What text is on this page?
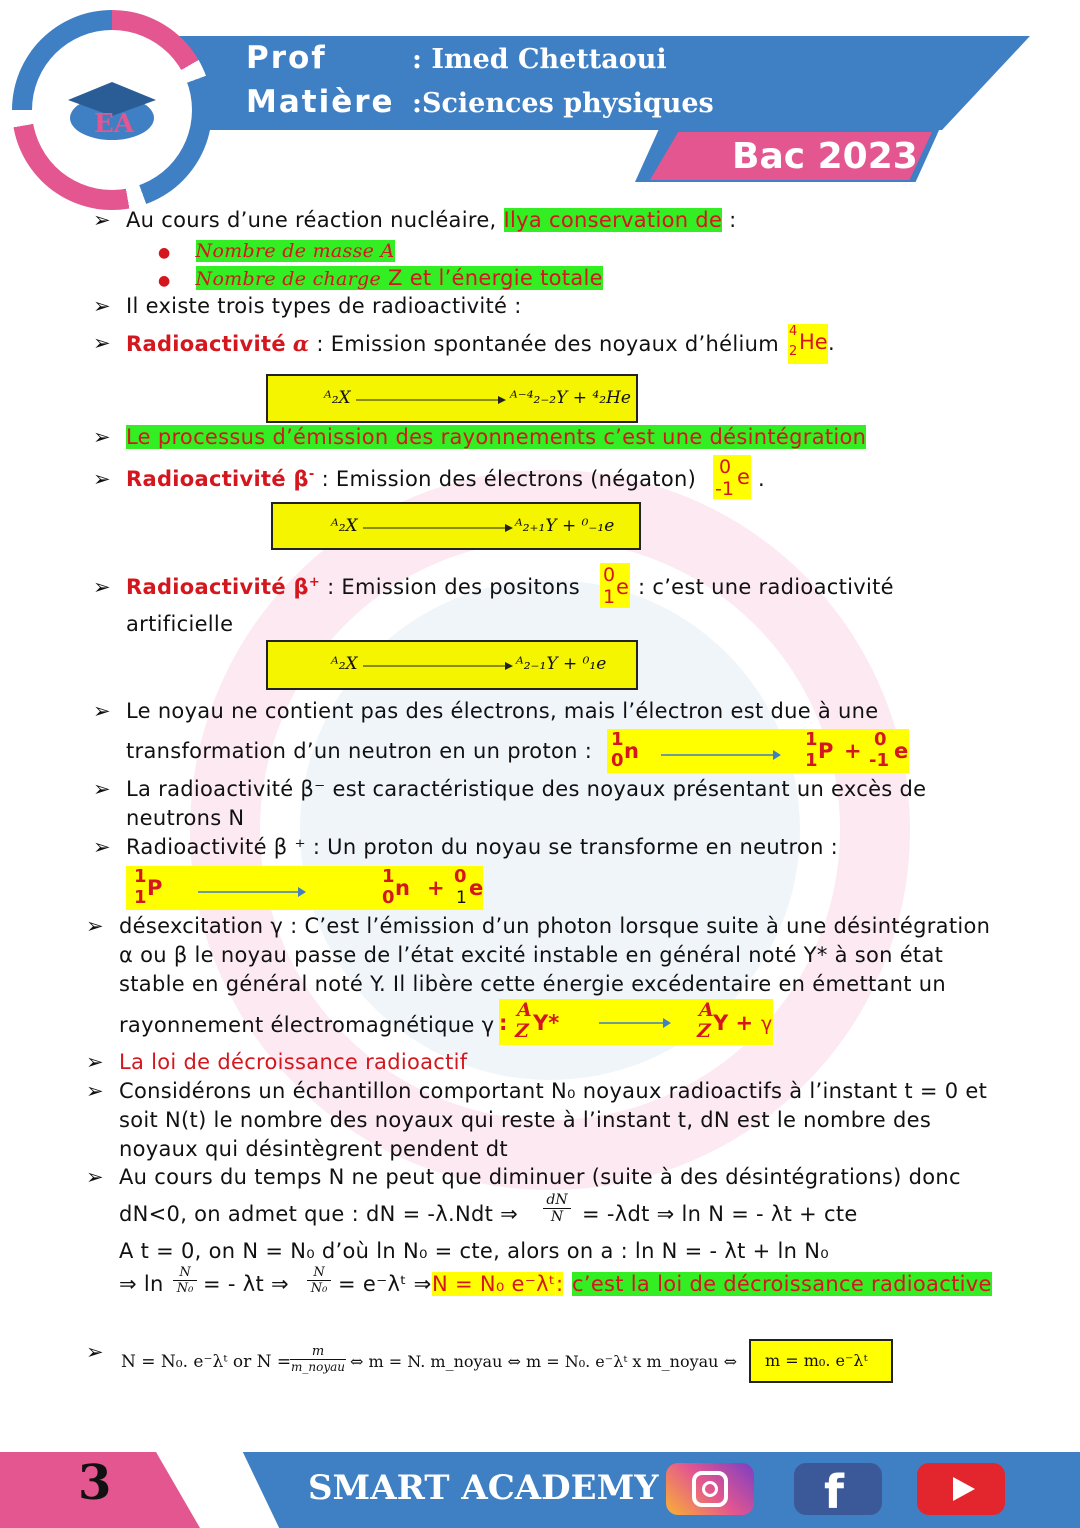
EA
Prof	: Imed Chettaoui
Matière :Sciences physiques
Bac 2023
➢
➢
➢
➢
➢
➢
➢
➢
➢
➢
➢
➢
➢
➢
Au cours d’une réaction nucléaire, Ilya conservation de :
● Nombre de masse A
● Nombre de charge Z et l’énergie totale
Il existe trois types de radioactivité :
Radioactivité α : Emission spontanée des noyaux d’hélium
4
2 He .
ᴬ₂X	ᴬ⁻⁴₂₋₂Y + ⁴₂He
Le processus d’émission des rayonnements c’est une désintégration
Radioactivité β- : Emission des électrons (négaton) 0
-1 e .
ᴬ₂X	ᴬ₂₊₁Y + ⁰₋₁e
Radioactivité β+ : Emission des positons 0
1 e : c’est une radioactivité
artificielle
ᴬ₂X	ᴬ₂₋₁Y + ⁰₁e
Le noyau ne contient pas des électrons, mais l’électron est due à une
transformation d’un neutron en un proton : 1
0 n	1
1 P + 0
-1 e
La radioactivité β⁻ est caractéristique des noyaux présentant un excès de
neutrons N
Radioactivité β ⁺ : Un proton du noyau se transforme en neutron :
1
1 P	1
0 n + 0
1 e
désexcitation γ : C’est l’émission d’un photon lorsque suite à une désintégration
α ou β le noyau passe de l’état excité instable en général noté Y* à son état
stable en général noté Y. Il libère cette énergie excédentaire en émettant un
rayonnement électromagnétique γ :
A
Z Y*
A
Z Y + γ
La loi de décroissance radioactif
Considérons un échantillon comportant N₀ noyaux radioactifs à l’instant t = 0 et
soit N(t) le nombre des noyaux qui reste à l’instant t, dN est le nombre des
noyaux qui désintègrent pendent dt
Au cours du temps N ne peut que diminuer (suite à des désintégrations) donc
dN<0, on admet que : dN = -λ.Ndt ⇒ $\frac{dN}{N} = -\lambda dt$ ⇒ ln N = - λt + cte
A t = 0, on N = N₀ d’où ln N₀ = cte, alors on a : ln N = - λt + ln N₀
⇒ $\ln \frac{N}{\text{N₀}}$ = - λt ⇒ $\frac{N}{\text{N₀}}$ = e⁻λᵗ ⇒ N = N₀ e⁻λᵗ : c’est la loi de décroissance radioactive
N = N₀. e⁻λᵗ or N =
m
m_noyau ⇔ m = N. m_noyau ⇔ m = N₀. e⁻λᵗ x m_noyau ⇔ m = m₀. e⁻λᵗ
3	SMART ACADEMY	f
